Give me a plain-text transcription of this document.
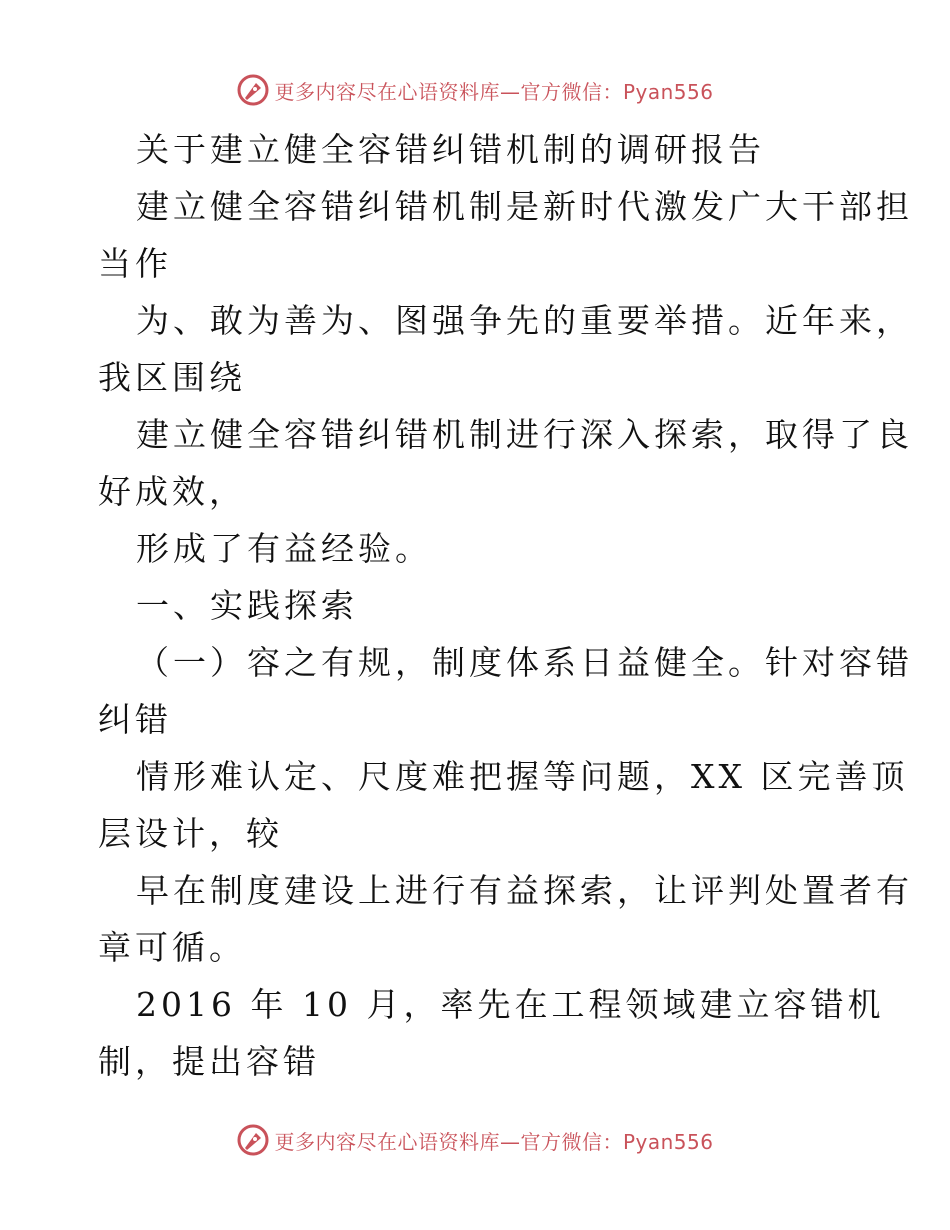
更多内容尽在心语资料库—官方微信：Pyan556
关于建立健全容错纠错机制的调研报告
建立健全容错纠错机制是新时代激发广大干部担
当作
为、敢为善为、图强争先的重要举措。近年来，
我区围绕
建立健全容错纠错机制进行深入探索，取得了良
好成效，
形成了有益经验。
一、实践探索
（一）容之有规，制度体系日益健全。针对容错
纠错
情形难认定、尺度难把握等问题，XX 区完善顶
层设计，较
早在制度建设上进行有益探索，让评判处置者有
章可循。
2016 年 10 月，率先在工程领域建立容错机
制，提出容错
更多内容尽在心语资料库—官方微信：Pyan556
